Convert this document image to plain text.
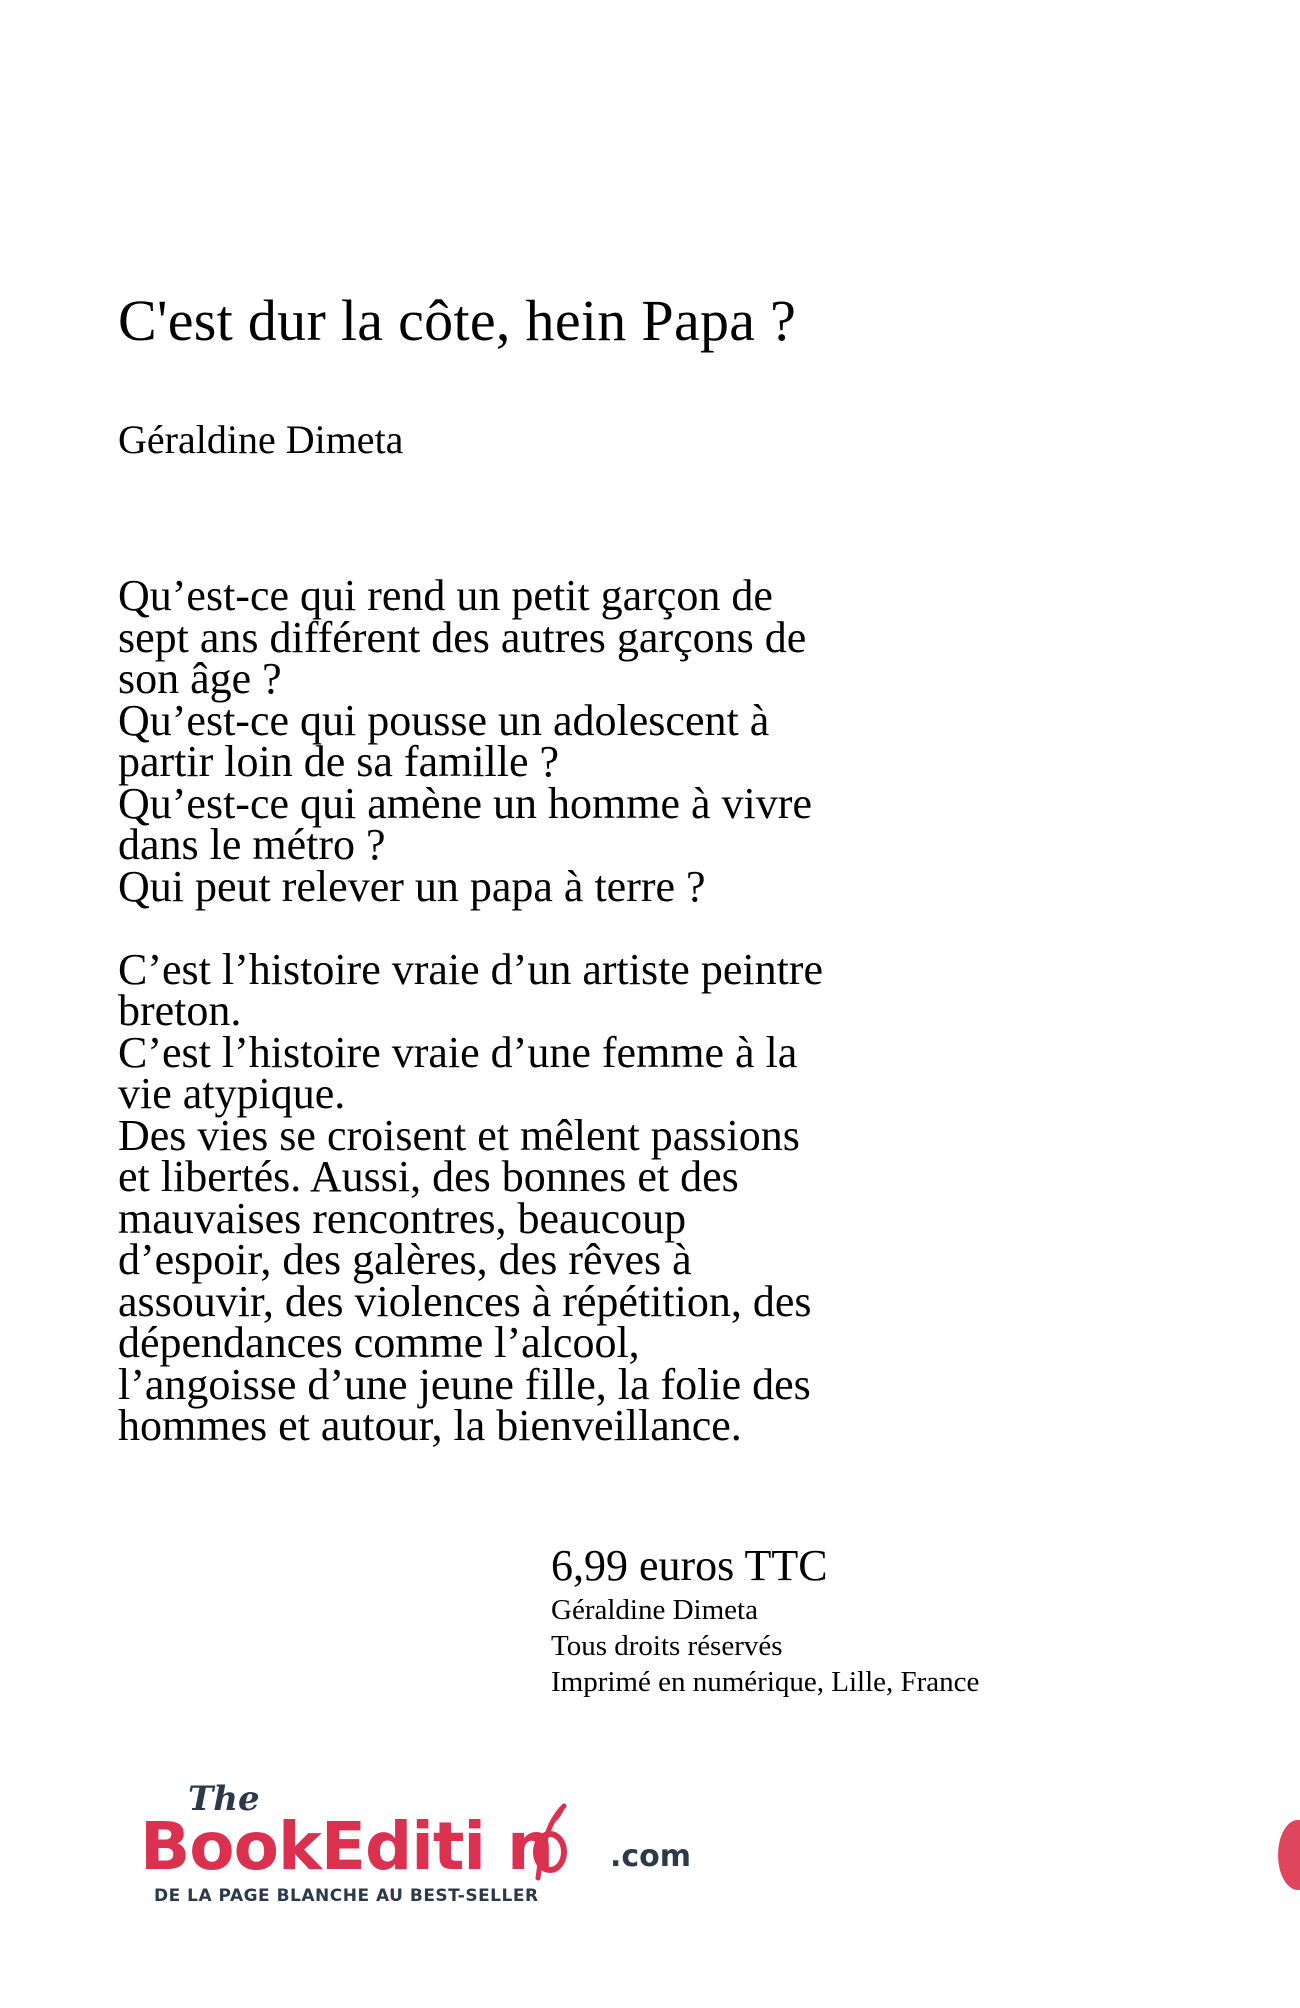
C'est dur la côte, hein Papa ?
Géraldine Dimeta
Qu’est-ce qui rend un petit garçon de
sept ans différent des autres garçons de
son âge ?
Qu’est-ce qui pousse un adolescent à
partir loin de sa famille ?
Qu’est-ce qui amène un homme à vivre
dans le métro ?
Qui peut relever un papa à terre ?
C’est l’histoire vraie d’un artiste peintre
breton.
C’est l’histoire vraie d’une femme à la
vie atypique.
Des vies se croisent et mêlent passions
et libertés. Aussi, des bonnes et des
mauvaises rencontres, beaucoup
d’espoir, des galères, des rêves à
assouvir, des violences à répétition, des
dépendances comme l’alcool,
l’angoisse d’une jeune fille, la folie des
hommes et autour, la bienveillance.
6,99 euros TTC
Géraldine Dimeta
Tous droits réservés
Imprimé en numérique, Lille, France
The
BookEditi n .com
DE LA PAGE BLANCHE AU BEST-SELLER
